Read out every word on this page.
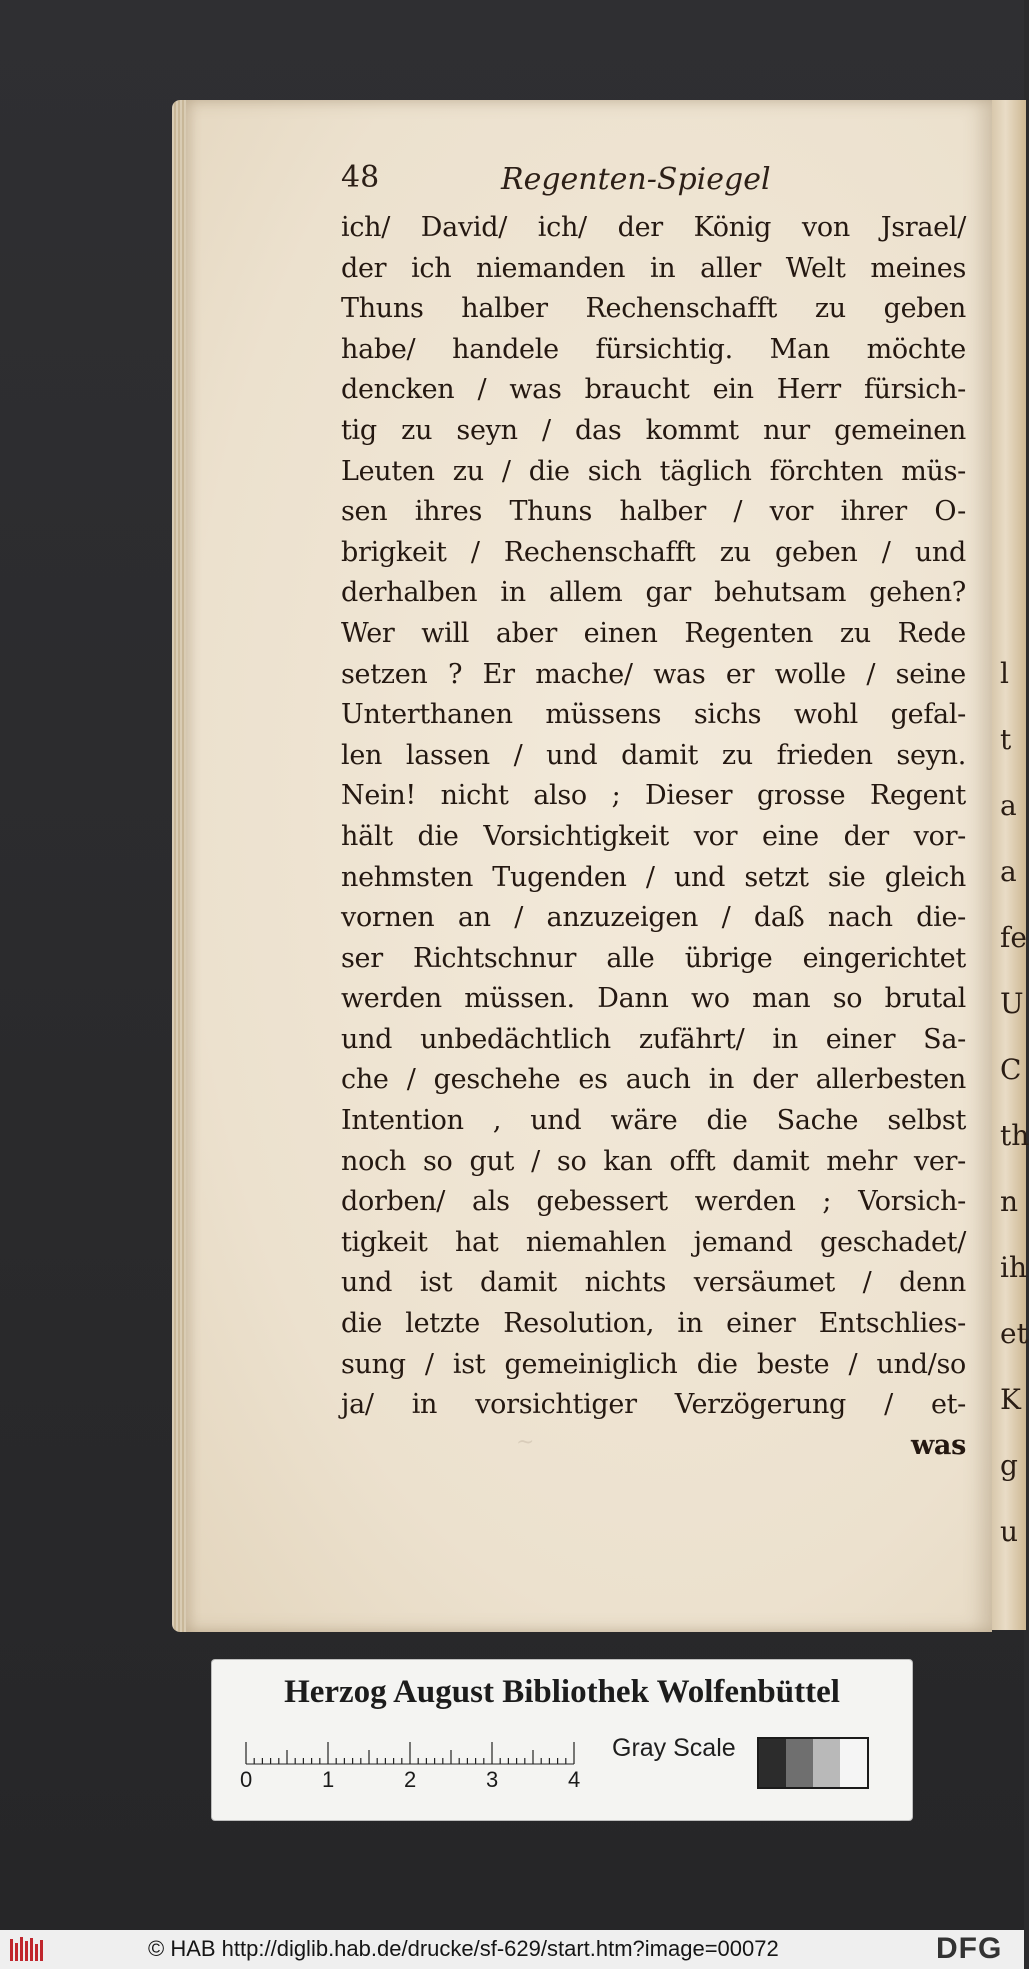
l
t
a
a
fe
U
C
th
n
ih
et
K
g
u
48	Regenten-Spiegel
ich/ David/ ich/ der König von Jsrael/
der ich niemanden in aller Welt meines
Thuns halber Rechenschafft zu geben
habe/ handele fürsichtig. Man möchte
dencken / was braucht ein Herr fürsich-
tig zu seyn / das kommt nur gemeinen
Leuten zu / die sich täglich förchten müs-
sen ihres Thuns halber / vor ihrer O-
brigkeit / Rechenschafft zu geben / und
derhalben in allem gar behutsam gehen?
Wer will aber einen Regenten zu Rede
setzen ? Er mache/ was er wolle / seine
Unterthanen müssens sichs wohl gefal-
len lassen / und damit zu frieden seyn.
Nein! nicht also ; Dieser grosse Regent
hält die Vorsichtigkeit vor eine der vor-
nehmsten Tugenden / und setzt sie gleich
vornen an / anzuzeigen / daß nach die-
ser Richtschnur alle übrige eingerichtet
werden müssen. Dann wo man so brutal
und unbedächtlich zufährt/ in einer Sa-
che / geschehe es auch in der allerbesten
Intention , und wäre die Sache selbst
noch so gut / so kan offt damit mehr ver-
dorben/ als gebessert werden ; Vorsich-
tigkeit hat niemahlen jemand geschadet/
und ist damit nichts versäumet / denn
die letzte Resolution, in einer Entschlies-
sung / ist gemeiniglich die beste / und/so
ja/ in vorsichtiger Verzögerung / et-
was
~
Herzog August Bibliothek Wolfenbüttel
0	1	2	3	4
Gray Scale
© HAB http://diglib.hab.de/drucke/sf-629/start.htm?image=00072	DFG
